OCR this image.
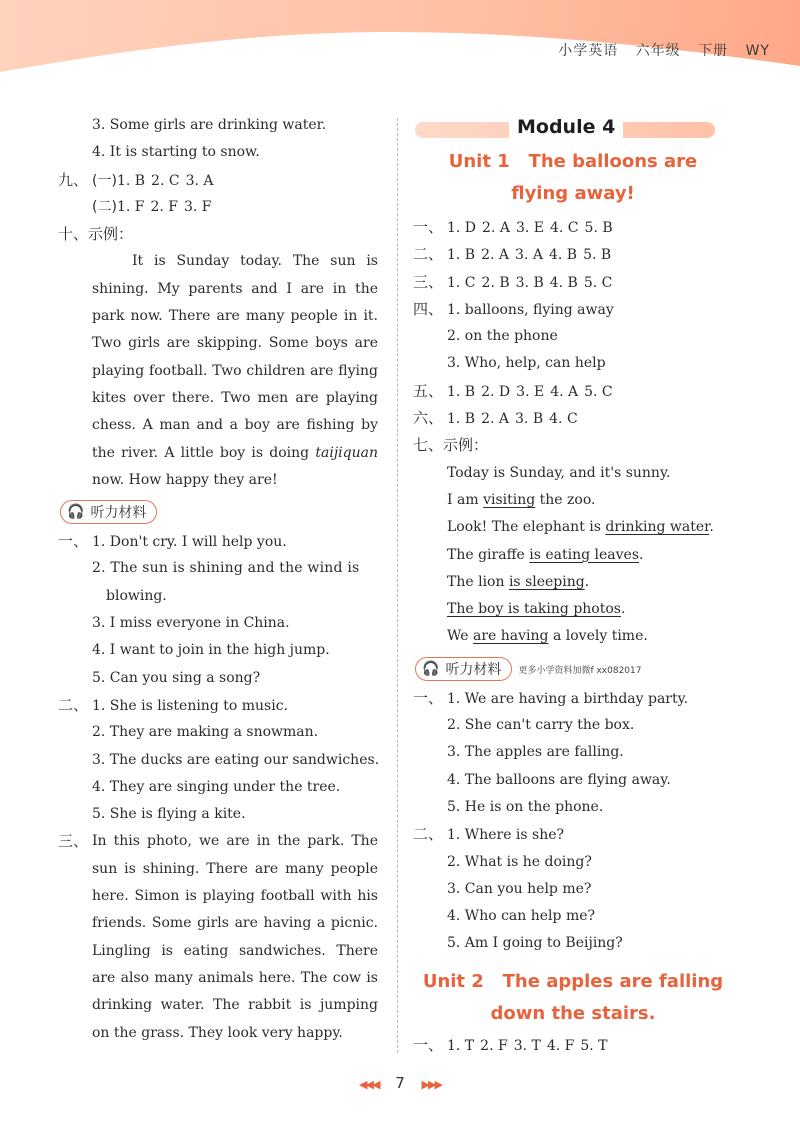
小学英语 六年级 下册 WY
3. Some girls are drinking water.
4. It is starting to snow.
九、 (一)1. B 2. C 3. A
(二)1. F 2. F 3. F
十、示例：
It is Sunday today. The sun is shining. My parents and I are in the park now. There are many people in it. Two girls are skipping. Some boys are playing football. Two children are flying kites over there. Two men are playing chess. A man and a boy are fishing by the river. A little boy is doing taijiquan now. How happy they are!
🎧 听力材料
一、 1. Don't cry. I will help you.
2. The sun is shining and the wind is
blowing.
3. I miss everyone in China.
4. I want to join in the high jump.
5. Can you sing a song?
二、 1. She is listening to music.
2. They are making a snowman.
3. The ducks are eating our sandwiches.
4. They are singing under the tree.
5. She is flying a kite.
三、 In this photo, we are in the park. The sun is shining. There are many people here. Simon is playing football with his friends. Some girls are having a picnic. Lingling is eating sandwiches. There are also many animals here. The cow is drinking water. The rabbit is jumping on the grass. They look very happy.
Module 4
Unit 1   The balloons are
flying away!
一、 1. D 2. A 3. E 4. C 5. B
二、 1. B 2. A 3. A 4. B 5. B
三、 1. C 2. B 3. B 4. B 5. C
四、 1. balloons, flying away
2. on the phone
3. Who, help, can help
五、 1. B 2. D 3. E 4. A 5. C
六、 1. B 2. A 3. B 4. C
七、示例：
Today is Sunday, and it's sunny.
I am visiting the zoo.
Look! The elephant is drinking water.
The giraffe is eating leaves.
The lion is sleeping.
The boy is taking photos.
We are having a lovely time.
🎧 听力材料 更多小学资料加微f xx082017
一、 1. We are having a birthday party.
2. She can't carry the box.
3. The apples are falling.
4. The balloons are flying away.
5. He is on the phone.
二、 1. Where is she?
2. What is he doing?
3. Can you help me?
4. Who can help me?
5. Am I going to Beijing?
Unit 2   The apples are falling
down the stairs.
一、 1. T 2. F 3. T 4. F 5. T
◀◀◀ 7 ▶▶▶
